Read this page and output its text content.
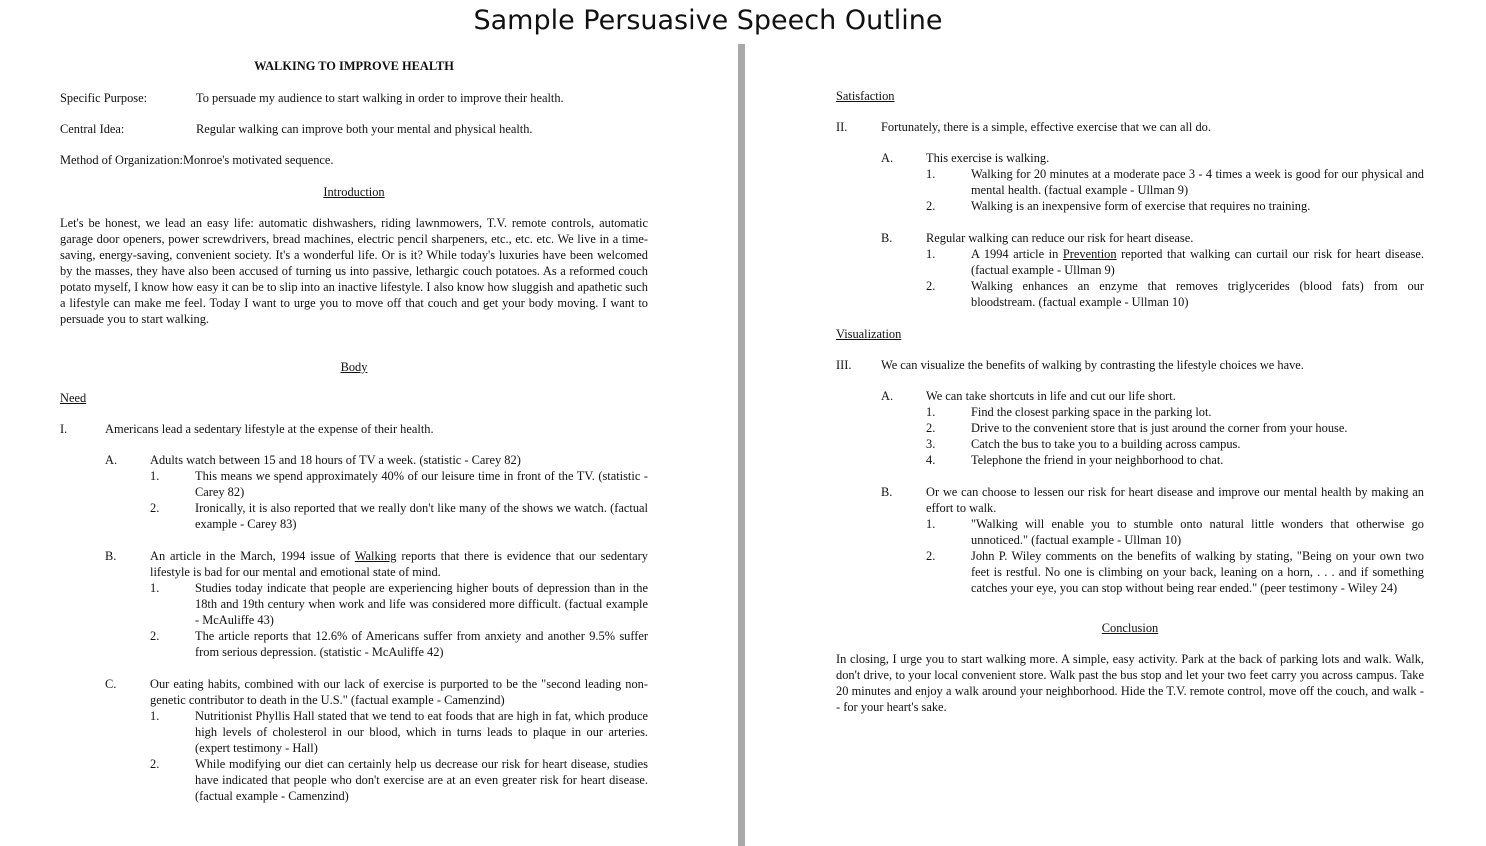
Sample Persuasive Speech Outline
WALKING TO IMPROVE HEALTH
Specific Purpose:	To persuade my audience to start walking in order to improve their health.
Central Idea:	Regular walking can improve both your mental and physical health.
Method of Organization: Monroe's motivated sequence.
Introduction

Let's be honest, we lead an easy life: automatic dishwashers, riding lawnmowers, T.V. remote controls, automatic garage door openers, power screwdrivers, bread machines, electric pencil sharpeners, etc., etc. etc. We live in a time-saving, energy-saving, convenient society. It's a wonderful life. Or is it? While today's luxuries have been welcomed by the masses, they have also been accused of turning us into passive, lethargic couch potatoes. As a reformed couch potato myself, I know how easy it can be to slip into an inactive lifestyle. I also know how sluggish and apathetic such a lifestyle can make me feel. Today I want to urge you to move off that couch and get your body moving. I want to persuade you to start walking.

Body
Need
I.	Americans lead a sedentary lifestyle at the expense of their health.
A.	Adults watch between 15 and 18 hours of TV a week. (statistic - Carey 82)
1.	This means we spend approximately 40% of our leisure time in front of the TV. (statistic - Carey 82)
2.	Ironically, it is also reported that we really don't like many of the shows we watch. (factual example - Carey 83)
B.	An article in the March, 1994 issue of Walking reports that there is evidence that our sedentary lifestyle is bad for our mental and emotional state of mind.
1.	Studies today indicate that people are experiencing higher bouts of depression than in the 18th and 19th century when work and life was considered more difficult. (factual example - McAuliffe 43)
2.	The article reports that 12.6% of Americans suffer from anxiety and another 9.5% suffer from serious depression. (statistic - McAuliffe 42)
C.	Our eating habits, combined with our lack of exercise is purported to be the "second leading non-genetic contributor to death in the U.S." (factual example - Camenzind)
1.	Nutritionist Phyllis Hall stated that we tend to eat foods that are high in fat, which produce high levels of cholesterol in our blood, which in turns leads to plaque in our arteries. (expert testimony - Hall)
2.	While modifying our diet can certainly help us decrease our risk for heart disease, studies have indicated that people who don't exercise are at an even greater risk for heart disease. (factual example - Camenzind)
Satisfaction
II.	Fortunately, there is a simple, effective exercise that we can all do.
A.	This exercise is walking.
1.	Walking for 20 minutes at a moderate pace 3 - 4 times a week is good for our physical and mental health. (factual example - Ullman 9)
2.	Walking is an inexpensive form of exercise that requires no training.
B.	Regular walking can reduce our risk for heart disease.
1.	A 1994 article in Prevention reported that walking can curtail our risk for heart disease. (factual example - Ullman 9)
2.	Walking enhances an enzyme that removes triglycerides (blood fats) from our bloodstream. (factual example - Ullman 10)
Visualization
III.	We can visualize the benefits of walking by contrasting the lifestyle choices we have.
A.	We can take shortcuts in life and cut our life short.
1.	Find the closest parking space in the parking lot.
2.	Drive to the convenient store that is just around the corner from your house.
3.	Catch the bus to take you to a building across campus.
4.	Telephone the friend in your neighborhood to chat.
B.	Or we can choose to lessen our risk for heart disease and improve our mental health by making an effort to walk.
1.	"Walking will enable you to stumble onto natural little wonders that otherwise go unnoticed." (factual example - Ullman 10)
2.	John P. Wiley comments on the benefits of walking by stating, "Being on your own two feet is restful. No one is climbing on your back, leaning on a horn, . . . and if something catches your eye, you can stop without being rear ended." (peer testimony - Wiley 24)
Conclusion

In closing, I urge you to start walking more. A simple, easy activity. Park at the back of parking lots and walk. Walk, don't drive, to your local convenient store. Walk past the bus stop and let your two feet carry you across campus. Take 20 minutes and enjoy a walk around your neighborhood. Hide the T.V. remote control, move off the couch, and walk -- for your heart's sake.
